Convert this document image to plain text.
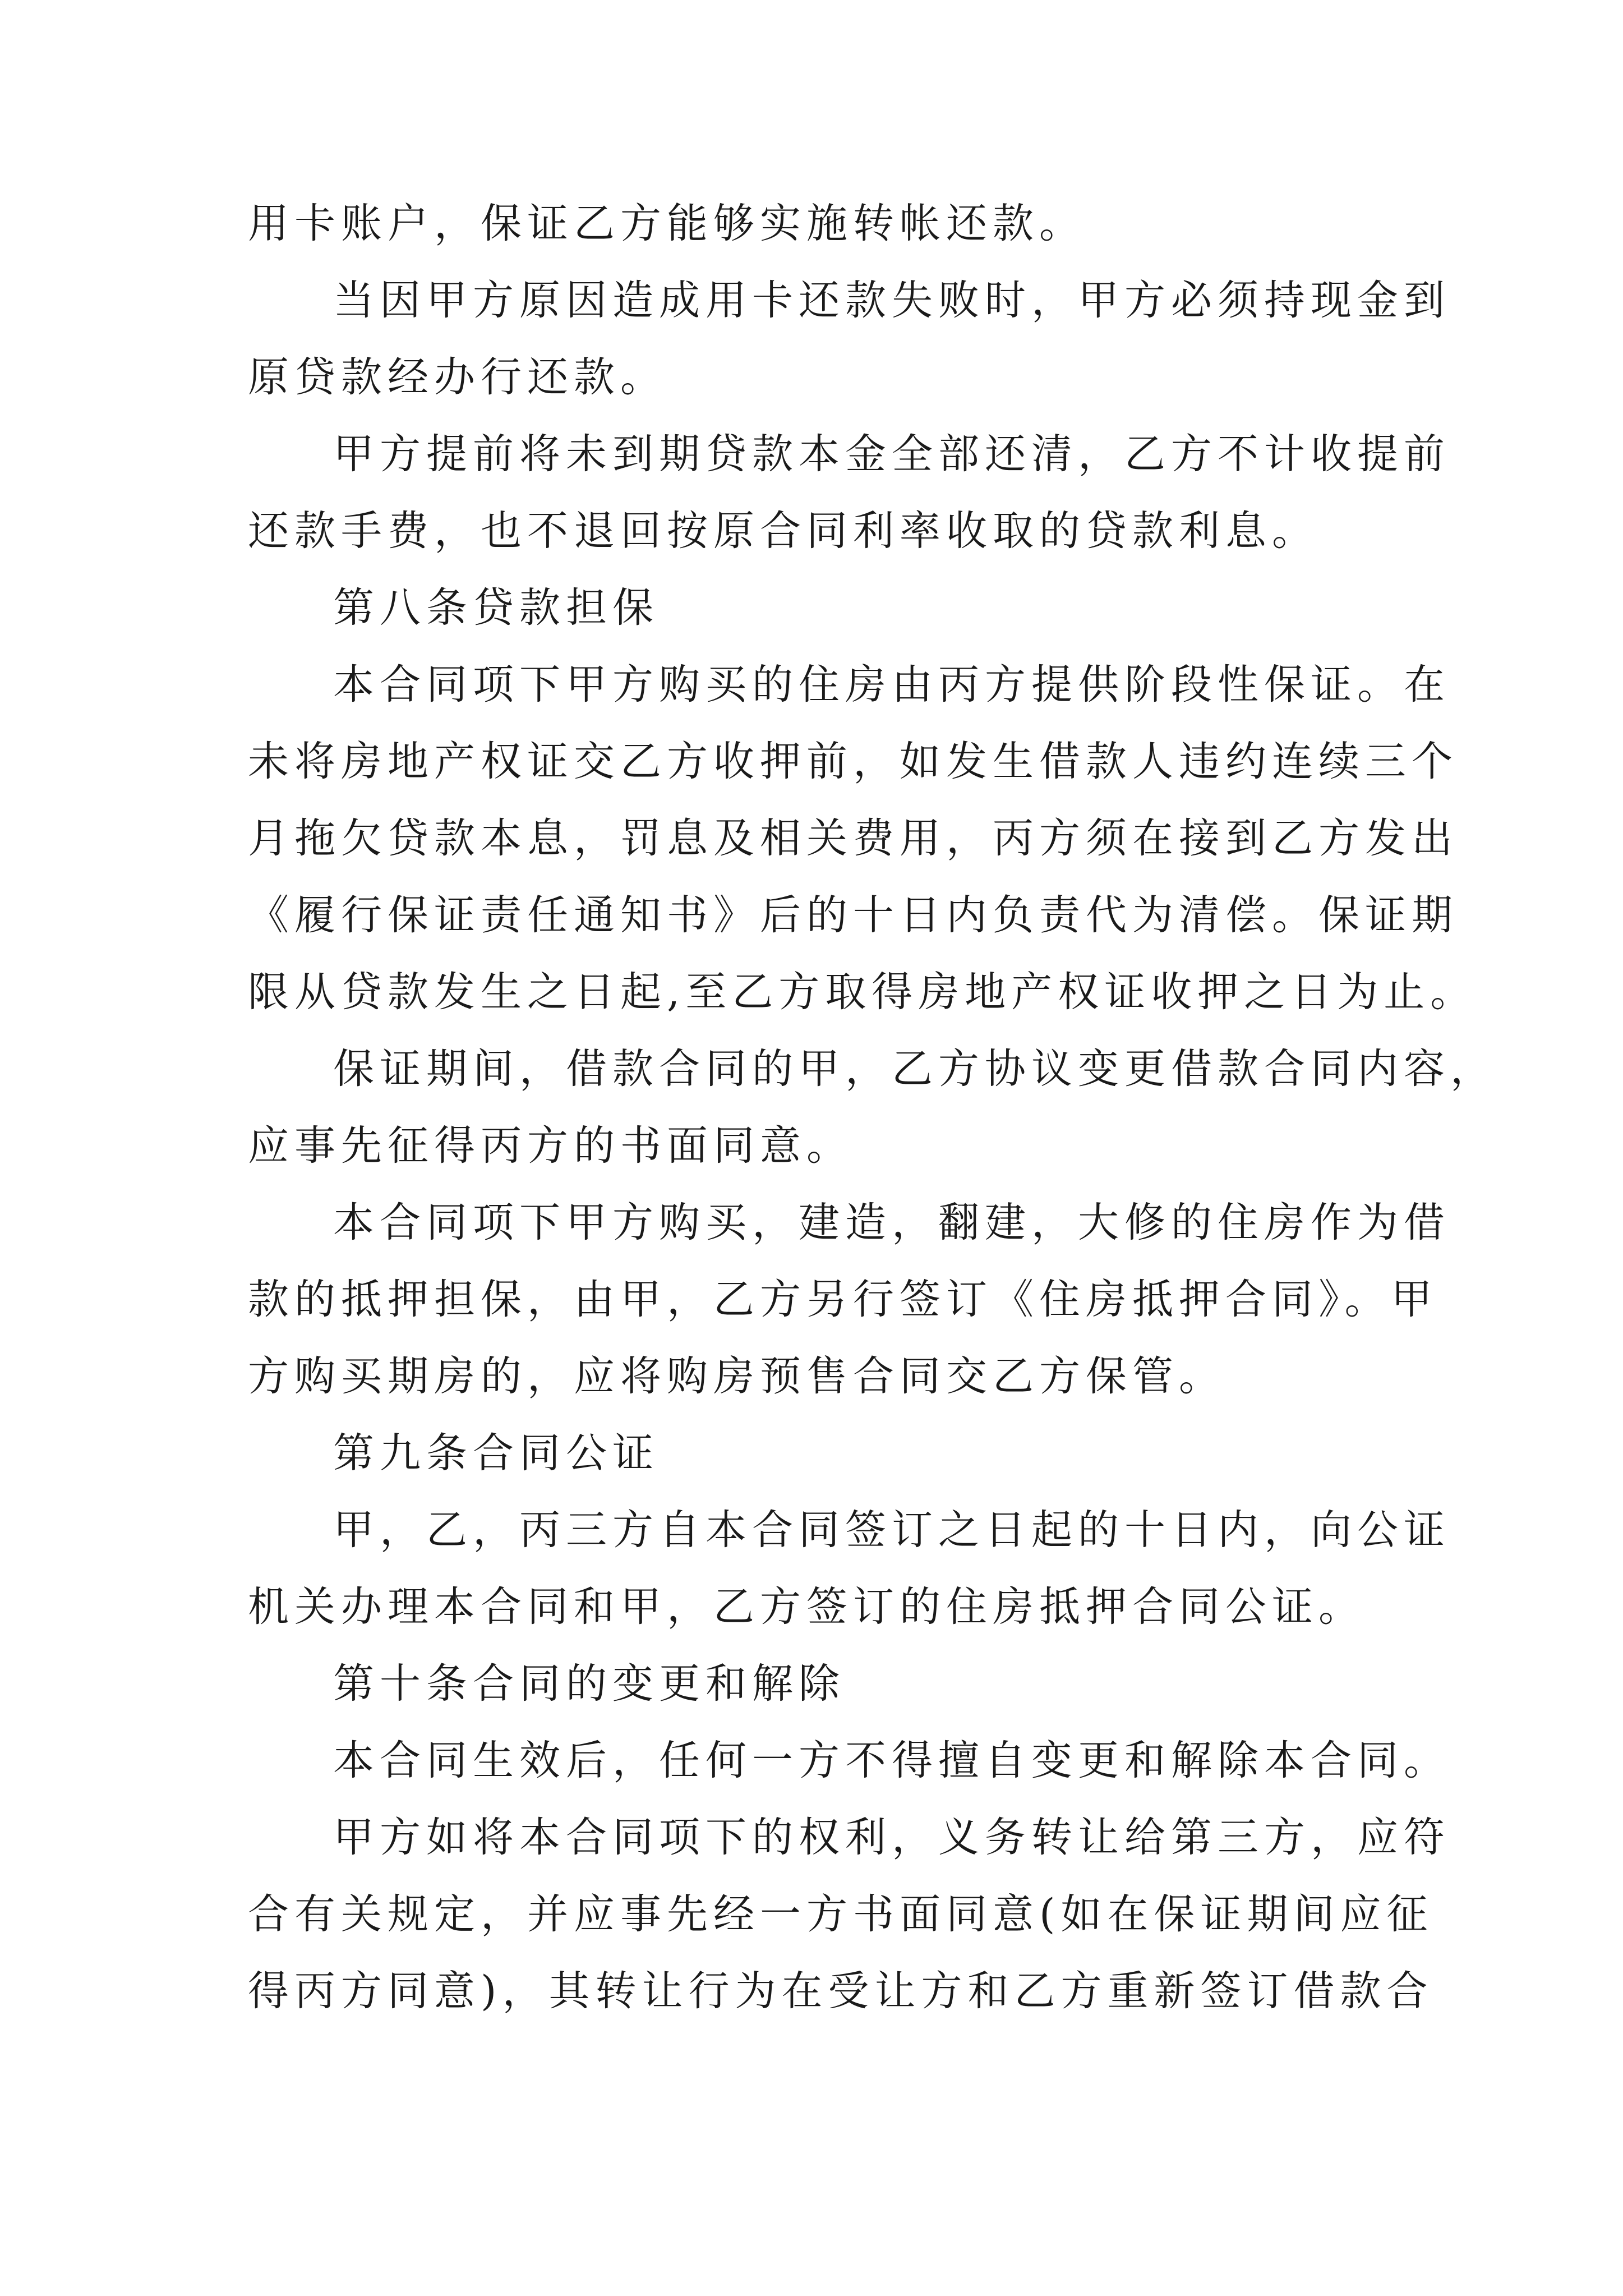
用卡账户，保证乙方能够实施转帐还款。
当因甲方原因造成用卡还款失败时，甲方必须持现金到
原贷款经办行还款。
甲方提前将未到期贷款本金全部还清，乙方不计收提前
还款手费，也不退回按原合同利率收取的贷款利息。
第八条贷款担保
本合同项下甲方购买的住房由丙方提供阶段性保证。在
未将房地产权证交乙方收押前，如发生借款人违约连续三个
月拖欠贷款本息，罚息及相关费用，丙方须在接到乙方发出
《履行保证责任通知书》后的十日内负责代为清偿。保证期
限从贷款发生之日起,至乙方取得房地产权证收押之日为止。
保证期间，借款合同的甲，乙方协议变更借款合同内容，
应事先征得丙方的书面同意。
本合同项下甲方购买，建造，翻建，大修的住房作为借
款的抵押担保，由甲，乙方另行签订《住房抵押合同》。甲
方购买期房的，应将购房预售合同交乙方保管。
第九条合同公证
甲，乙，丙三方自本合同签订之日起的十日内，向公证
机关办理本合同和甲，乙方签订的住房抵押合同公证。
第十条合同的变更和解除
本合同生效后，任何一方不得擅自变更和解除本合同。
甲方如将本合同项下的权利，义务转让给第三方，应符
合有关规定，并应事先经一方书面同意(如在保证期间应征
得丙方同意)，其转让行为在受让方和乙方重新签订借款合
